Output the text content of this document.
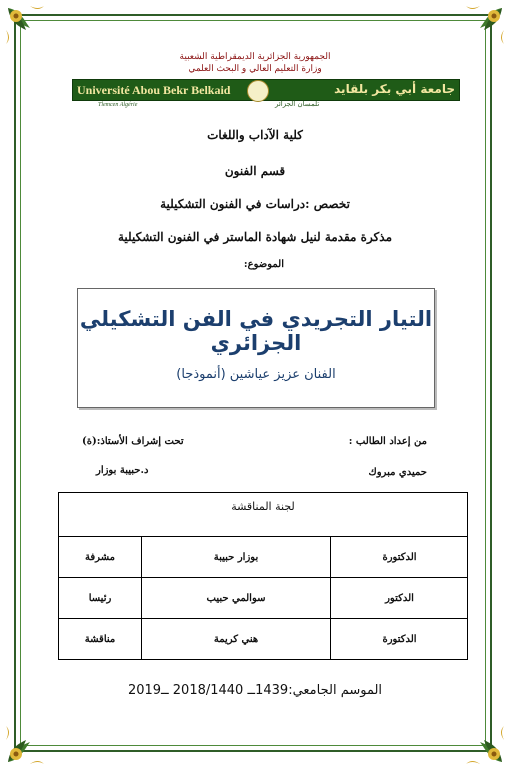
الجمهورية الجزائرية الديمقراطية الشعبية
وزارة التعليم العالي و البحث العلمي
Université Abou Bekr Belkaid	جامعة أبي بكر بلقايد
Tlemcen Algérie	تلمسان الجزائر
كلية الآداب واللغات
قسم الفنون
تخصص :دراسات في الفنون التشكيلية
مذكرة مقدمة لنيل شهادة الماستر في الفنون التشكيلية
الموضوع:
التيار التجريدي في الفن التشكيلي الجزائري
الفنان عزيز عياشين (أنموذجا)
من إعداد الطالب :
حميدي مبروك
تحت إشراف الأستاذ:(ة)
د.حبيبة بوزار
لجنة المناقشة
الدكتورة
بوزار حبيبة
مشرفة
الدكتور
سوالمي حبيب
رئيسا
الدكتورة
هني كريمة
مناقشة
الموسم الجامعي:1439ــ 2018/1440 ــ2019
